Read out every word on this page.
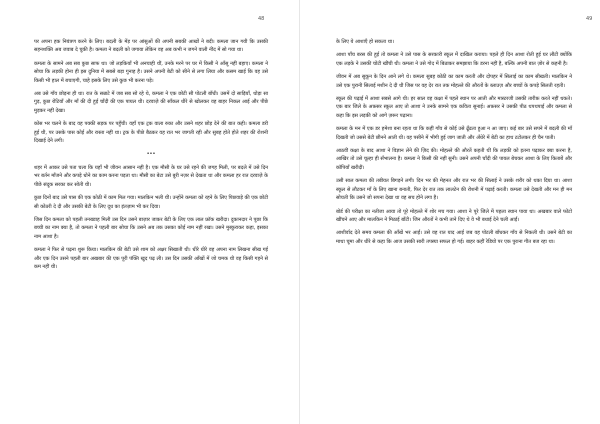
48

पर अपना हक नियंत्रण करने के लिए। बदली के मेंड़ पर आंसुओं की अपनी सबकी आखों ने बदी। कमला जान गयी कि उसकी सहनशक्ति अब जवाब दे चुकी है। कमला ने बदली को जगाया लेकिन वह अब कभी न जगने वाली नींद में सो गया था।

कमला के सामने अब सब कुछ साफ था। जो लड़कियाँ भी अनचाही थीं, उनके मरने पर घर में किसी ने आँसू नहीं बहाए। कमला ने सोचा कि लड़की होना ही इस दुनिया में सबसे बड़ा गुनाह है। उसने अपनी बेटी को सीने से लगा लिया और कसम खाई कि वह उसे किसी भी हाल में बचाएगी, चाहे इसके लिए उसे कुछ भी करना पड़े।

अब उसे गाँव छोड़ना ही था। रात के सन्नाटे में जब सब सो रहे थे, कमला ने एक छोटी सी पोटली बाँधी। उसमें दो साड़ियाँ, थोड़ा सा गुड़, कुछ रोटियाँ और माँ की दी हुई चाँदी की एक पायल थी। दरवाज़े की साँकल धीरे से खोलकर वह बाहर निकल आई और पीछे मुड़कर नहीं देखा।

कोस भर चलने के बाद वह पक्की सड़क पर पहुँची। वहाँ एक ट्रक वाला रुका और उसने शहर छोड़ देने की बात कही। कमला डरी हुई थी, पर उसके पास कोई और रास्ता नहीं था। ट्रक के पीछे बैठकर वह रात भर जागती रही और सुबह होते होते शहर की रोशनी दिखाई देने लगी।

•••

शहर में आकर उसे पता चला कि यहाँ भी जीवन आसान नहीं है। एक मौसी के घर उसे रहने की जगह मिली, पर बदले में उसे दिन भर बर्तन माँजने और कपड़े धोने का काम करना पड़ता था। मौसी का बेटा उसे बुरी नज़र से देखता था और कमला हर रात दरवाज़े के पीछे संदूक सरका कर सोती थी।

कुछ दिनों बाद उसे पास की एक कोठी में काम मिल गया। मालकिन भली थीं। उन्होंने कमला को रहने के लिए पिछवाड़े की एक छोटी सी कोठरी दे दी और उसकी बेटी के लिए दूध का इंतज़ाम भी कर दिया।

जिस दिन कमला को पहली तनख्वाह मिली उस दिन उसने बाज़ार जाकर बेटी के लिए एक लाल फ्रॉक खरीदा। दुकानदार ने पूछा कि बच्ची का नाम क्या है, तो कमला ने पहली बार सोचा कि उसने अब तक उसका कोई नाम नहीं रखा। उसने मुस्कुराकर कहा, इसका नाम आशा है।

कमला ने फिर से पढ़ना शुरू किया। मालकिन की बेटी उसे शाम को अक्षर सिखाती थी। धीरे धीरे वह अपना नाम लिखना सीख गई और एक दिन उसने पहली बार अखबार की एक पूरी पंक्ति खुद पढ़ ली। उस दिन उसकी आँखों में जो चमक थी वह किसी गहने से कम नहीं थी।

49

के लिए ये आशाएँ हो सकता था।

आशा पाँच बरस की हुई तो कमला ने उसे पास के सरकारी स्कूल में दाखिल कराया। पहले ही दिन आशा रोती हुई घर लौटी क्योंकि एक लड़के ने उसकी चोटी खींची थी। कमला ने उसे गोद में बिठाकर समझाया कि डरना नहीं है, बल्कि अपनी बात ज़ोर से कहनी है।

जीवन में अब सुकून के दिन आने लगे थे। कमला सुबह कोठी का काम करती और दोपहर में सिलाई का काम सीखती। मालकिन ने उसे एक पुरानी सिलाई मशीन दे दी थी जिस पर वह देर रात तक मोहल्ले की औरतों के ब्लाउज़ और बच्चों के कपड़े सिलती रहती।

स्कूल की पढ़ाई में आशा सबसे आगे थी। हर साल वह कक्षा में पहले स्थान पर आती और मास्टरजी उसकी तारीफ़ करते नहीं थकते। एक बार जिले के अफ़सर स्कूल आए तो आशा ने उनके सामने एक कविता सुनाई। अफ़सर ने उसकी पीठ थपथपाई और कमला से कहा कि इस लड़की को आगे ज़रूर पढ़ाना।

कमला के मन में एक डर हमेशा बना रहता था कि कहीं गाँव से कोई उसे ढूँढता हुआ न आ जाए। कई बार उसे सपने में बदली की माँ दिखती जो उससे बेटी छीनने आती थी। वह पसीने में भीगी हुई जाग जाती और अँधेरे में बेटी का हाथ टटोलकर ही चैन पाती।

आठवीं कक्षा के बाद आशा ने विज्ञान लेने की ज़िद की। मोहल्ले की औरतें कहती थीं कि लड़की को इतना पढ़ाकर क्या करना है, आखिर तो उसे चूल्हा ही सँभालना है। कमला ने किसी की नहीं सुनी। उसने अपनी चाँदी की पायल बेचकर आशा के लिए किताबें और कॉपियाँ खरीदीं।

उसी साल कमला की तबीयत बिगड़ने लगी। दिन भर की मेहनत और रात भर की सिलाई ने उसके शरीर को थका दिया था। आशा स्कूल से लौटकर माँ के लिए खाना बनाती, फिर देर रात तक लालटेन की रोशनी में पढ़ाई करती। कमला उसे देखती और मन ही मन सोचती कि उसने जो सपना देखा था वह सच होने लगा है।

बोर्ड की परीक्षा का नतीजा आया तो पूरे मोहल्ले में शोर मच गया। आशा ने पूरे जिले में पहला स्थान पाया था। अखबार वाले फोटो खींचने आए और मालकिन ने मिठाई बाँटी। जिन औरतों ने कभी ताने दिए थे वे भी बधाई देने चली आईं।

आशीर्वाद देते समय कमला की आँखें भर आईं। उसे वह रात याद आई जब वह पोटली बाँधकर गाँव से निकली थी। उसने बेटी का माथा चूमा और धीरे से कहा कि आज उसकी सारी तपस्या सफल हो गई। बाहर कहीं रेडियो पर एक पुराना गीत बज रहा था।
